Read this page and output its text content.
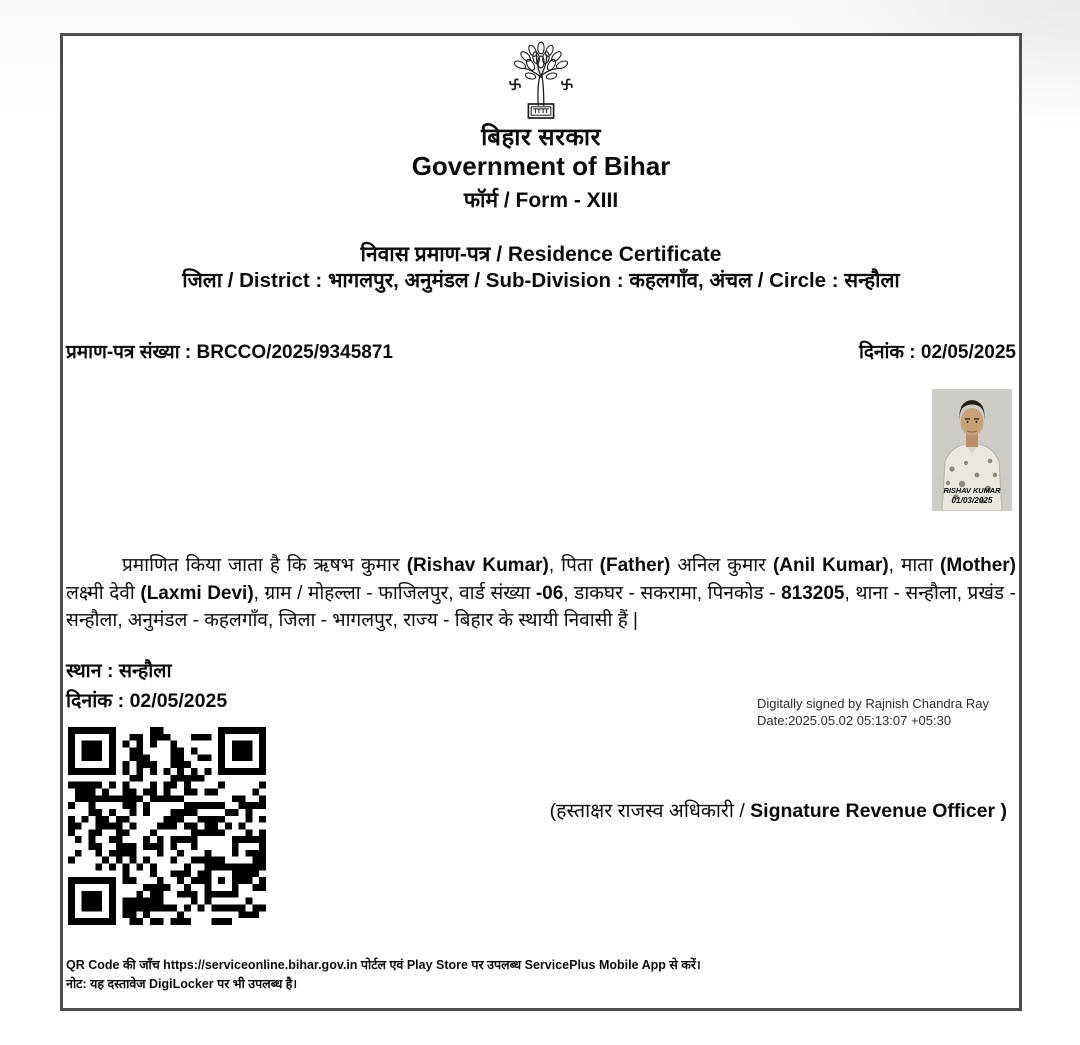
बिहार सरकार
Government of Bihar
फॉर्म / Form - XIII
निवास प्रमाण-पत्र / Residence Certificate
जिला / District : भागलपुर, अनुमंडल / Sub-Division : कहलगाँव, अंचल / Circle : सन्हौला
प्रमाण-पत्र संख्या : BRCCO/2025/9345871	दिनांक : 02/05/2025
RISHAV KUMAR
01/03/2025

प्रमाणित किया जाता है कि ऋषभ कुमार (Rishav Kumar), पिता (Father) अनिल कुमार (Anil Kumar), माता (Mother) लक्ष्मी देवी (Laxmi Devi), ग्राम / मोहल्ला - फाजिलपुर, वार्ड संख्या -06, डाकघर - सकरामा, पिनकोड - 813205, थाना - सन्हौला, प्रखंड - सन्हौला, अनुमंडल - कहलगाँव, जिला - भागलपुर, राज्य - बिहार के स्थायी निवासी हैं |

स्थान : सन्हौला
दिनांक : 02/05/2025	Digitally signed by Rajnish Chandra Ray
Date:2025.05.02 05:13:07 +05:30
(हस्ताक्षर राजस्व अधिकारी / Signature Revenue Officer )
QR Code की जाँच https://serviceonline.bihar.gov.in पोर्टल एवं Play Store पर उपलब्ध ServicePlus Mobile App से करें।
नोट: यह दस्तावेज DigiLocker पर भी उपलब्ध है।
